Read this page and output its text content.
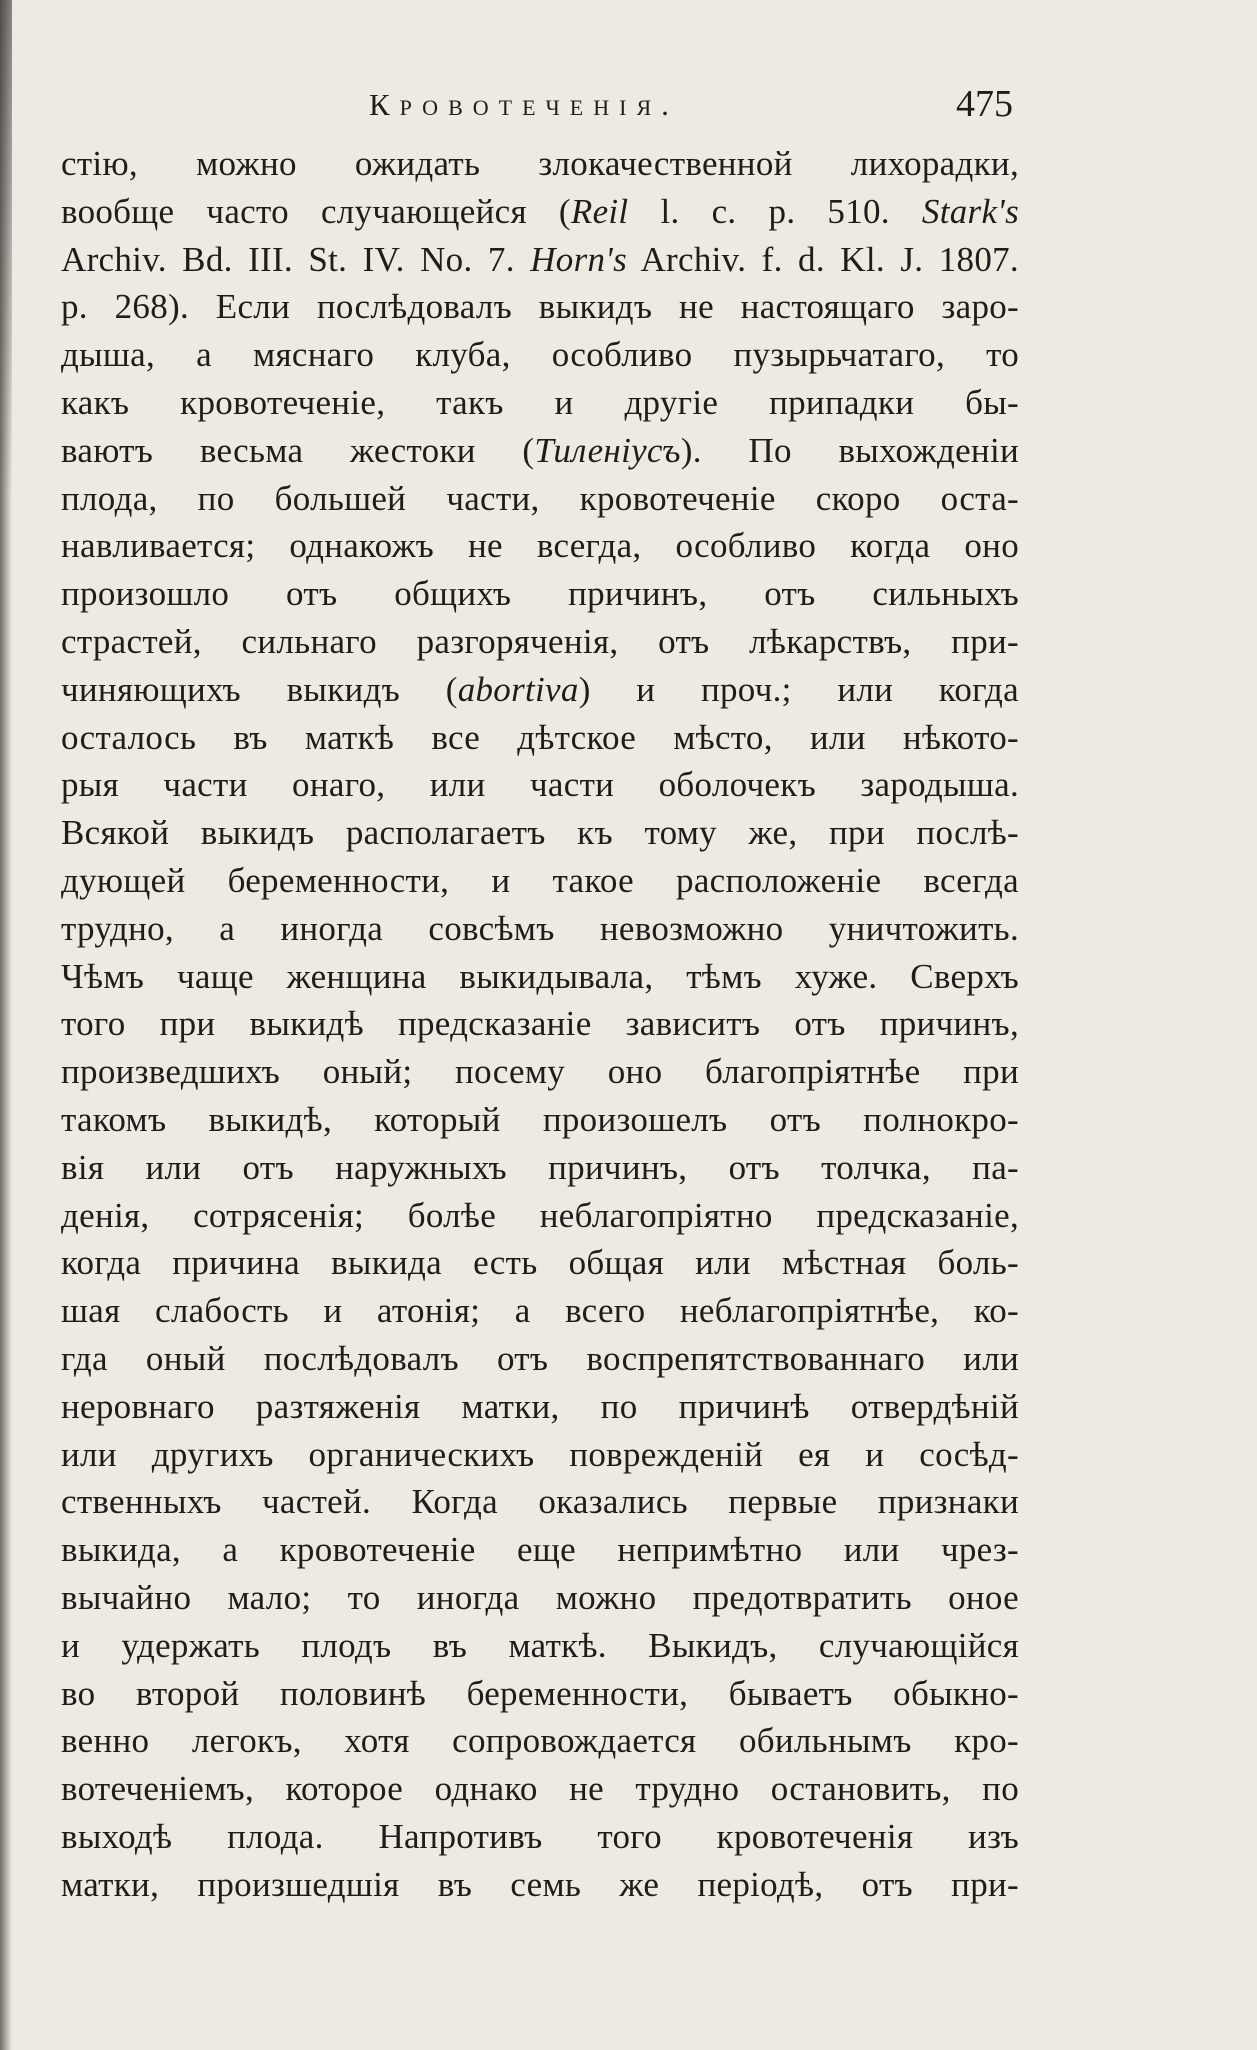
Кровотеченія.	475
стію, можно ожидать злокачественной лихорадки,
вообще часто случающейся (Reil l. c. p. 510. Stark's
Archiv. Bd. III. St. IV. No. 7. Horn's Archiv. f. d. Kl. J. 1807.
p. 268). Если послѣдовалъ выкидъ не настоящаго заро-
дыша, а мяснаго клуба, особливо пузырьчатаго, то
какъ кровотеченіе, такъ и другіе припадки бы-
ваютъ весьма жестоки (Тиленіусъ). По выхожденіи
плода, по большей части, кровотеченіе скоро оста-
навливается; однакожъ не всегда, особливо когда оно
произошло отъ общихъ причинъ, отъ сильныхъ
страстей, сильнаго разгоряченія, отъ лѣкарствъ, при-
чиняющихъ выкидъ (abortiva) и проч.; или когда
осталось въ маткѣ все дѣтское мѣсто, или нѣкото-
рыя части онаго, или части оболочекъ зародыша.
Всякой выкидъ располагаетъ къ тому же, при послѣ-
дующей беременности, и такое расположеніе всегда
трудно, а иногда совсѣмъ невозможно уничтожить.
Чѣмъ чаще женщина выкидывала, тѣмъ хуже. Сверхъ
того при выкидѣ предсказаніе зависитъ отъ причинъ,
произведшихъ оный; посему оно благопріятнѣе при
такомъ выкидѣ, который произошелъ отъ полнокро-
вія или отъ наружныхъ причинъ, отъ толчка, па-
денія, сотрясенія; болѣе неблагопріятно предсказаніе,
когда причина выкида есть общая или мѣстная боль-
шая слабость и атонія; а всего неблагопріятнѣе, ко-
гда оный послѣдовалъ отъ воспрепятствованнаго или
неровнаго разтяженія матки, по причинѣ отвердѣній
или другихъ органическихъ поврежденій ея и сосѣд-
ственныхъ частей. Когда оказались первые признаки
выкида, а кровотеченіе еще непримѣтно или чрез-
вычайно мало; то иногда можно предотвратить оное
и удержать плодъ въ маткѣ. Выкидъ, случающійся
во второй половинѣ беременности, бываетъ обыкно-
венно легокъ, хотя сопровождается обильнымъ кро-
вотеченіемъ, которое однако не трудно остановить, по
выходѣ плода. Напротивъ того кровотеченія изъ
матки, произшедшія въ семь же періодѣ, отъ при-
